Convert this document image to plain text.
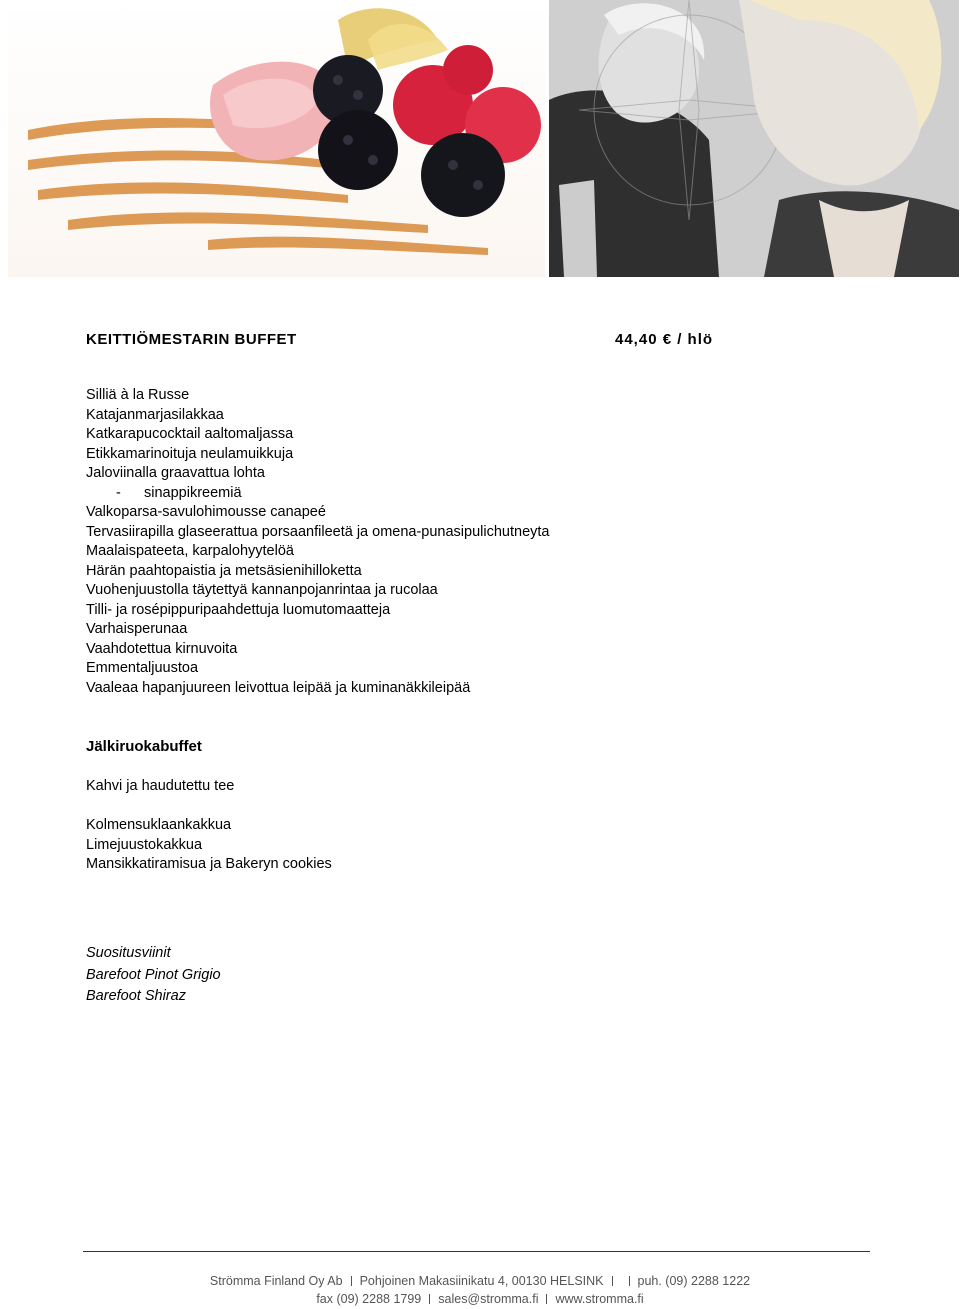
KEITTIÖMESTARIN BUFFET	44,40 € / hlö
Silliä à la Russe
Katajanmarjasilakkaa
Katkarapucocktail aaltomaljassa
Etikkamarinoituja neulamuikkuja
Jaloviinalla graavattua lohta
- sinappikreemiä
Valkoparsa-savulohimousse canapeé
Tervasiirapilla glaseerattua porsaanfileetä ja omena-punasipulichutneyta
Maalaispateeta, karpalohyytelöä
Härän paahtopaistia ja metsäsienihilloketta
Vuohenjuustolla täytettyä kannanpojanrintaa ja rucolaa
Tilli- ja rosépippuripaahdettuja luomutomaatteja
Varhaisperunaa
Vaahdotettua kirnuvoita
Emmentaljuustoa
Vaaleaa hapanjuureen leivottua leipää ja kuminanäkkileipää
Jälkiruokabuffet
Kahvi ja haudutettu tee
Kolmensuklaankakkua
Limejuustokakkua
Mansikkatiramisua ja Bakeryn cookies
Suositusviinit
Barefoot Pinot Grigio
Barefoot Shiraz
Strömma Finland Oy Ab Pohjoinen Makasiinikatu 4, 00130 HELSINK	puh. (09) 2288 1222
fax (09) 2288 1799 sales@stromma.fi www.stromma.fi
